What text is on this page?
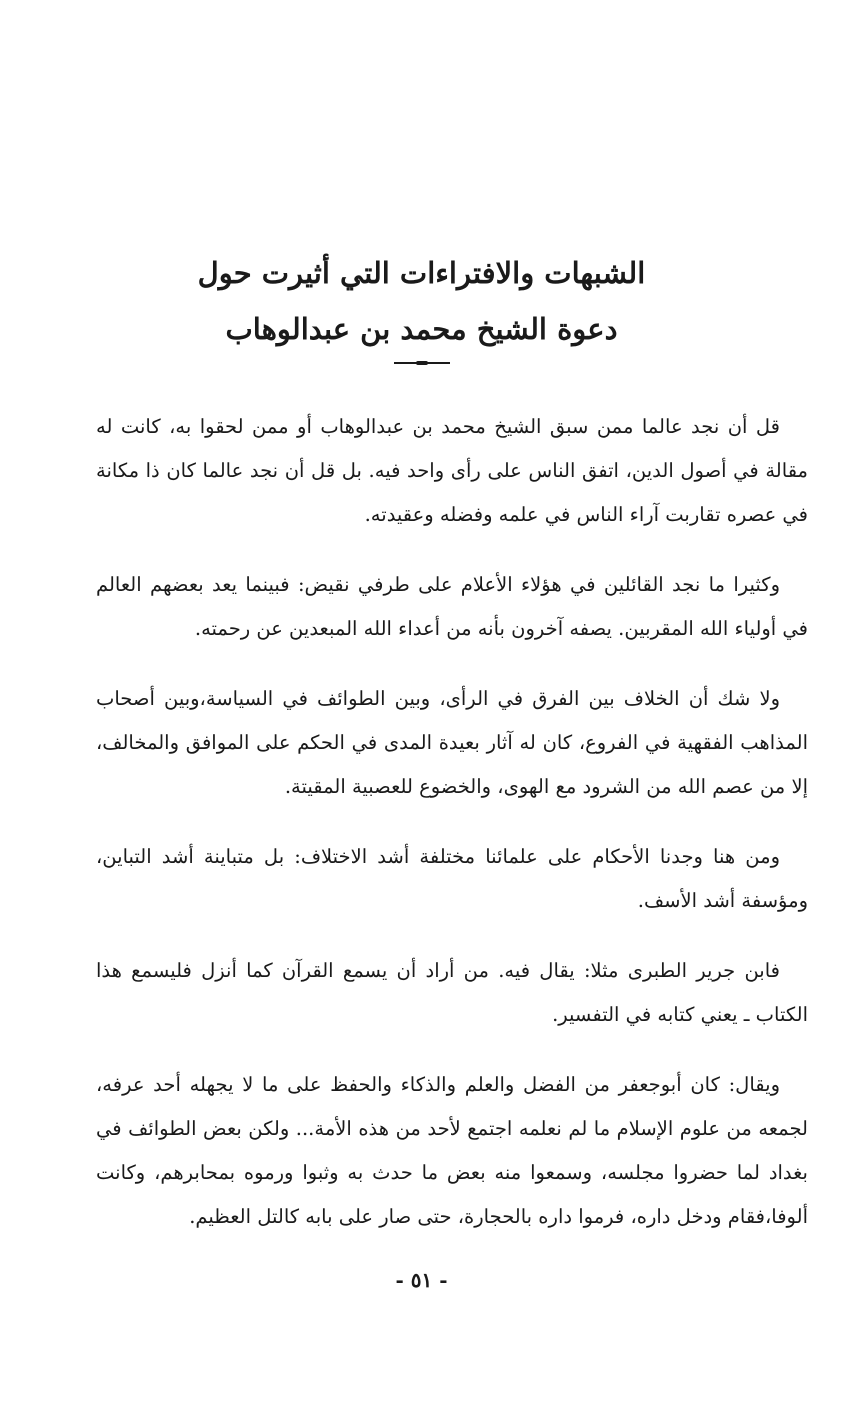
الشبهات والافتراءات التي أثيرت حول
دعوة الشيخ محمد بن عبدالوهاب

قل أن نجد عالما ممن سبق الشيخ محمد بن عبدالوهاب أو ممن لحقوا به، كانت له مقالة في أصول الدين، اتفق الناس على رأى واحد فيه. بل قل أن نجد عالما كان ذا مكانة في عصره تقاربت آراء الناس في علمه وفضله وعقيدته.

وكثيرا ما نجد القائلين في هؤلاء الأعلام على طرفي نقيض: فبينما يعد بعضهم العالم في أولياء الله المقربين. يصفه آخرون بأنه من أعداء الله المبعدين عن رحمته.

ولا شك أن الخلاف بين الفرق في الرأى، وبين الطوائف في السياسة،وبين أصحاب المذاهب الفقهية في الفروع، كان له آثار بعيدة المدى في الحكم على الموافق والمخالف، إلا من عصم الله من الشرود مع الهوى، والخضوع للعصبية المقيتة.

ومن هنا وجدنا الأحكام على علمائنا مختلفة أشد الاختلاف: بل متباينة أشد التباين، ومؤسفة أشد الأسف.

فابن جرير الطبرى مثلا: يقال فيه. من أراد أن يسمع القرآن كما أنزل فليسمع هذا الكتاب ـ يعني كتابه في التفسير.

ويقال: كان أبوجعفر من الفضل والعلم والذكاء والحفظ على ما لا يجهله أحد عرفه، لجمعه من علوم الإسلام ما لم نعلمه اجتمع لأحد من هذه الأمة... ولكن بعض الطوائف في بغداد لما حضروا مجلسه، وسمعوا منه بعض ما حدث به وثبوا ورموه بمحابرهم، وكانت ألوفا،فقام ودخل داره، فرموا داره بالحجارة، حتى صار على بابه كالتل العظيم.

- ٥١ -
